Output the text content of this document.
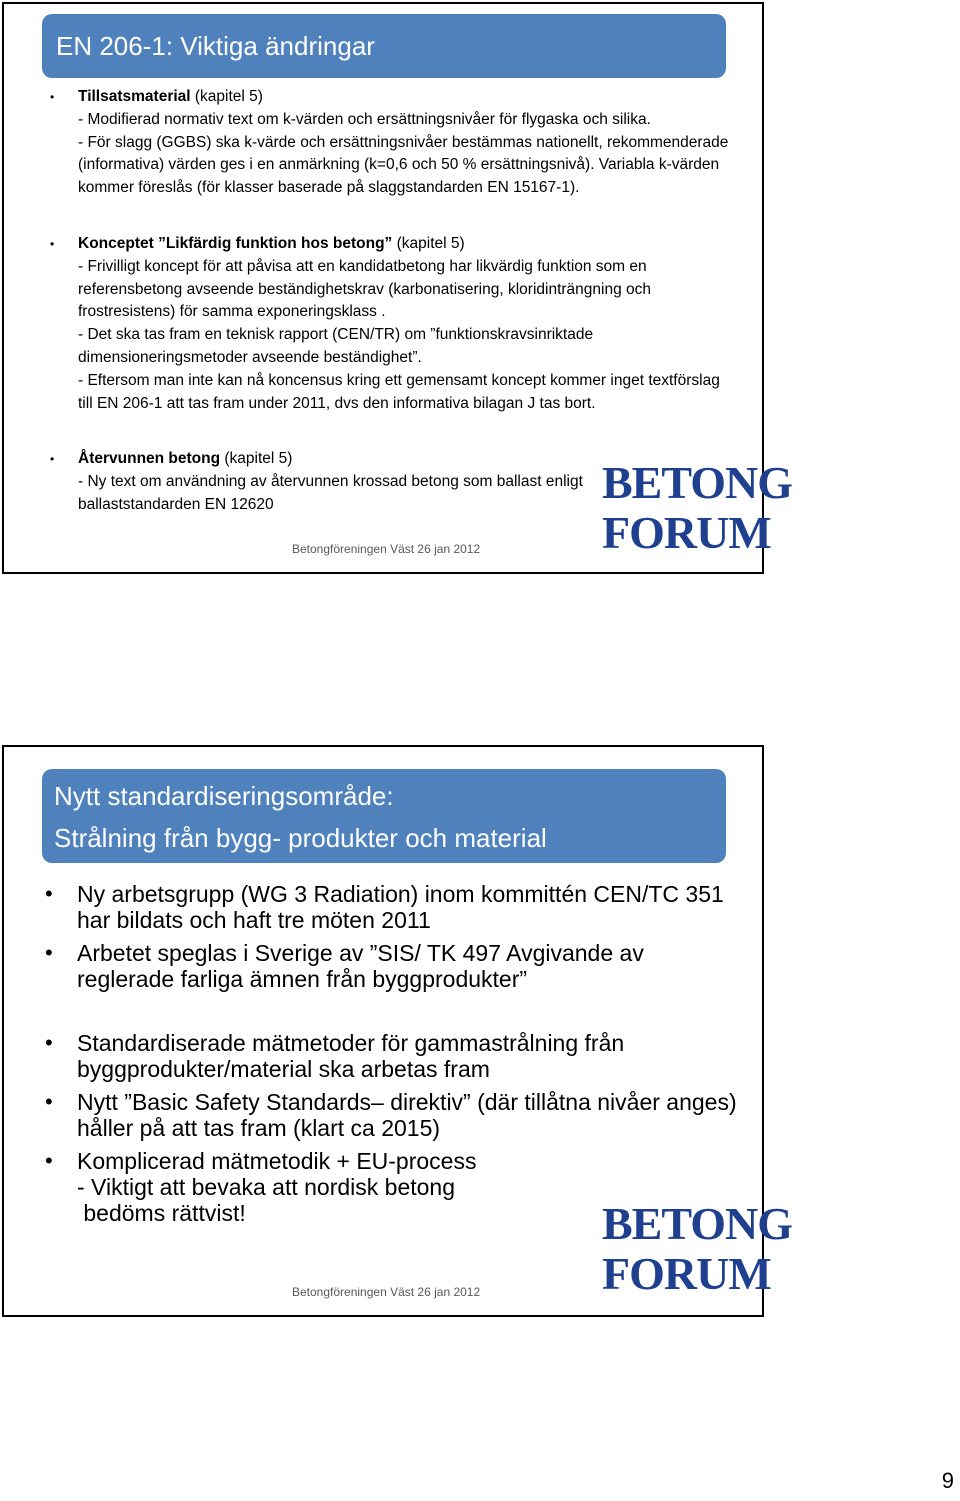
EN 206-1: Viktiga ändringar
• Tillsatsmaterial (kapitel 5)
- Modifierad normativ text om k-värden och ersättningsnivåer för flygaska och silika.
- För slagg (GGBS) ska k-värde och ersättningsnivåer bestämmas nationellt, rekommenderade (informativa) värden ges i en anmärkning (k=0,6 och 50 % ersättningsnivå). Variabla k-värden kommer föreslås (för klasser baserade på slaggstandarden EN 15167-1).
• Konceptet ”Likfärdig funktion hos betong” (kapitel 5)
- Frivilligt koncept för att påvisa att en kandidatbetong har likvärdig funktion som en referensbetong avseende beständighetskrav (karbonatisering, kloridinträngning och frostresistens) för samma exponeringsklass .
- Det ska tas fram en teknisk rapport (CEN/TR) om ”funktionskravsinriktade dimensioneringsmetoder avseende beständighet”.
- Eftersom man inte kan nå koncensus kring ett gemensamt koncept kommer inget textförslag till EN 206-1 att tas fram under 2011, dvs den informativa bilagan J tas bort.
• Återvunnen betong (kapitel 5)
- Ny text om användning av återvunnen krossad betong som ballast enligt ballaststandarden EN 12620
Betongföreningen Väst 26 jan 2012
BETONG
FORUM
Nytt standardiseringsområde:
Strålning från bygg- produkter och material
• Ny arbetsgrupp (WG 3 Radiation) inom kommittén CEN/TC 351 har bildats och haft tre möten 2011
• Arbetet speglas i Sverige av ”SIS/ TK 497 Avgivande av reglerade farliga ämnen från byggprodukter”
• Standardiserade mätmetoder för gammastrålning från byggprodukter/material ska arbetas fram
• Nytt ”Basic Safety Standards– direktiv” (där tillåtna nivåer anges) håller på att tas fram (klart ca 2015)
• Komplicerad mätmetodik + EU-process
- Viktigt att bevaka att nordisk betong
bedöms rättvist!
Betongföreningen Väst 26 jan 2012
BETONG
FORUM
9
